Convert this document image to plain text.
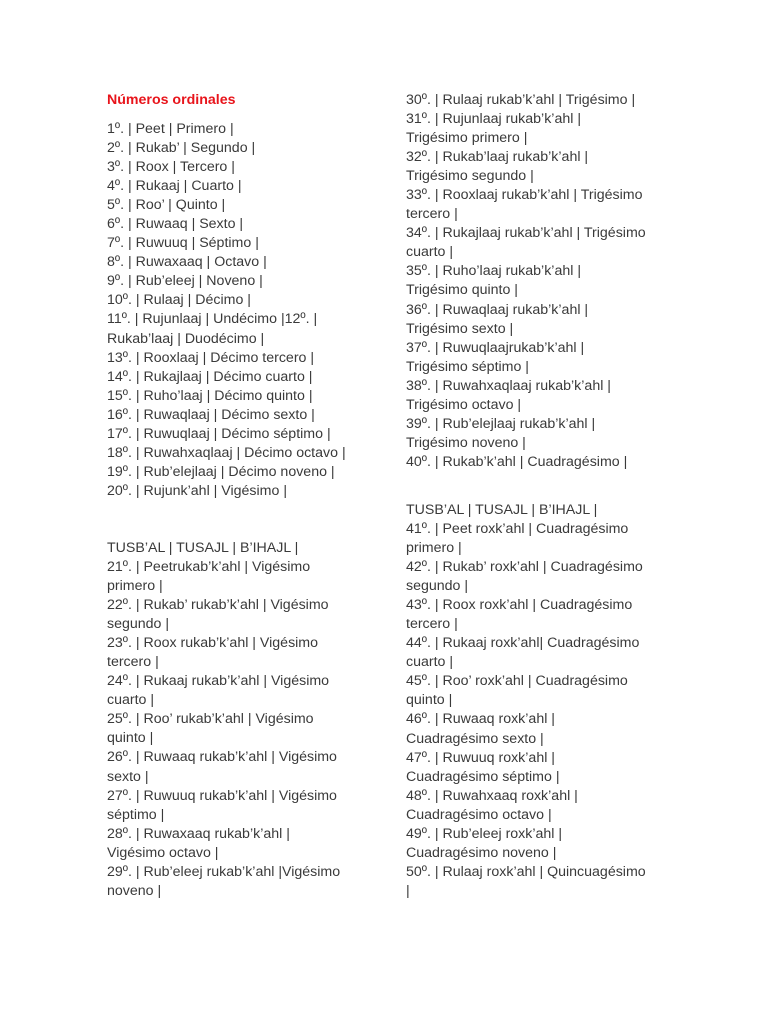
Números ordinales
1º. | Peet | Primero |
2º. | Rukab’ | Segundo |
3º. | Roox | Tercero |
4º. | Rukaaj | Cuarto |
5º. | Roo’ | Quinto |
6º. | Ruwaaq | Sexto |
7º. | Ruwuuq | Séptimo |
8º. | Ruwaxaaq | Octavo |
9º. | Rub’eleej | Noveno |
10º. | Rulaaj | Décimo |
11º. | Rujunlaaj | Undécimo |12º. |
Rukab’laaj | Duodécimo |
13º. | Rooxlaaj | Décimo tercero |
14º. | Rukajlaaj | Décimo cuarto |
15º. | Ruho’laaj | Décimo quinto |
16º. | Ruwaqlaaj | Décimo sexto |
17º. | Ruwuqlaaj | Décimo séptimo |
18º. | Ruwahxaqlaaj | Décimo octavo |
19º. | Rub’elejlaaj | Décimo noveno |
20º. | Rujunk’ahl | Vigésimo |
TUSB’AL | TUSAJL | B’IHAJL |
21º. | Peetrukab’k’ahl | Vigésimo
primero |
22º. | Rukab’ rukab’k’ahl | Vigésimo
segundo |
23º. | Roox rukab’k’ahl | Vigésimo
tercero |
24º. | Rukaaj rukab’k’ahl | Vigésimo
cuarto |
25º. | Roo’ rukab’k’ahl | Vigésimo
quinto |
26º. | Ruwaaq rukab’k’ahl | Vigésimo
sexto |
27º. | Ruwuuq rukab’k’ahl | Vigésimo
séptimo |
28º. | Ruwaxaaq rukab’k’ahl |
Vigésimo octavo |
29º. | Rub’eleej rukab’k’ahl |Vigésimo
noveno |
30º. | Rulaaj rukab’k’ahl | Trigésimo |
31º. | Rujunlaaj rukab’k’ahl |
Trigésimo primero |
32º. | Rukab’laaj rukab’k’ahl |
Trigésimo segundo |
33º. | Rooxlaaj rukab’k’ahl | Trigésimo
tercero |
34º. | Rukajlaaj rukab’k’ahl | Trigésimo
cuarto |
35º. | Ruho’laaj rukab’k’ahl |
Trigésimo quinto |
36º. | Ruwaqlaaj rukab’k’ahl |
Trigésimo sexto |
37º. | Ruwuqlaajrukab’k’ahl |
Trigésimo séptimo |
38º. | Ruwahxaqlaaj rukab’k’ahl |
Trigésimo octavo |
39º. | Rub’elejlaaj rukab’k’ahl |
Trigésimo noveno |
40º. | Rukab’k’ahl | Cuadragésimo |
TUSB’AL | TUSAJL | B’IHAJL |
41º. | Peet roxk’ahl | Cuadragésimo
primero |
42º. | Rukab’ roxk’ahl | Cuadragésimo
segundo |
43º. | Roox roxk’ahl | Cuadragésimo
tercero |
44º. | Rukaaj roxk’ahl| Cuadragésimo
cuarto |
45º. | Roo’ roxk’ahl | Cuadragésimo
quinto |
46º. | Ruwaaq roxk’ahl |
Cuadragésimo sexto |
47º. | Ruwuuq roxk’ahl |
Cuadragésimo séptimo |
48º. | Ruwahxaaq roxk’ahl |
Cuadragésimo octavo |
49º. | Rub’eleej roxk’ahl |
Cuadragésimo noveno |
50º. | Rulaaj roxk’ahl | Quincuagésimo
|
